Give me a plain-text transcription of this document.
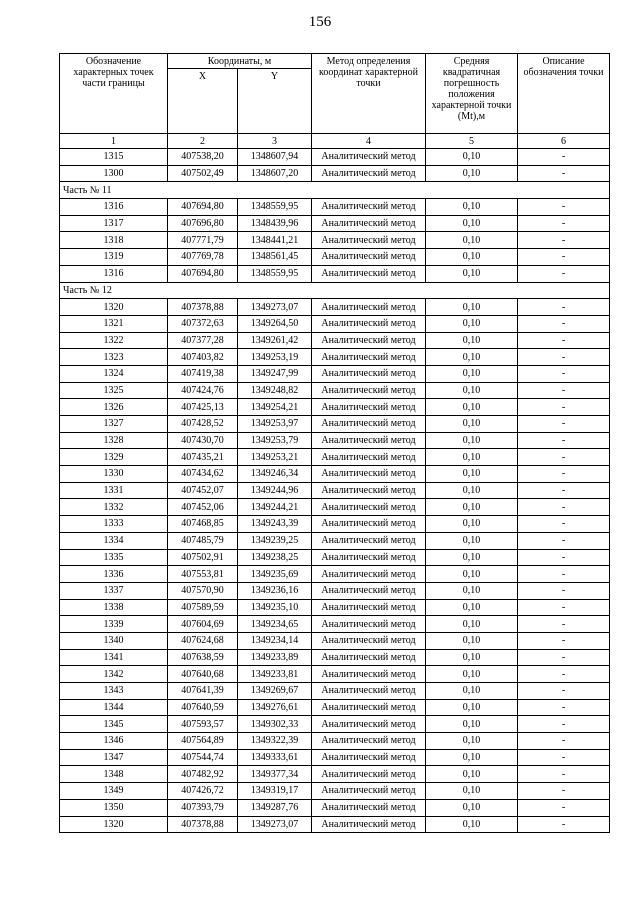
156
Обозначение характерных точек части границы	Координаты, м		Метод определения координат характерной точки	Средняя квадратичная погрешность положения характерной точки (Mt),м	Описание обозначения точки
	X	Y			
1	2	3	4	5	6
1315	407538,20	1348607,94	Аналитический метод	0,10	-
1300	407502,49	1348607,20	Аналитический метод	0,10	-
Часть № 11					
1316	407694,80	1348559,95	Аналитический метод	0,10	-
1317	407696,80	1348439,96	Аналитический метод	0,10	-
1318	407771,79	1348441,21	Аналитический метод	0,10	-
1319	407769,78	1348561,45	Аналитический метод	0,10	-
1316	407694,80	1348559,95	Аналитический метод	0,10	-
Часть № 12					
1320	407378,88	1349273,07	Аналитический метод	0,10	-
1321	407372,63	1349264,50	Аналитический метод	0,10	-
1322	407377,28	1349261,42	Аналитический метод	0,10	-
1323	407403,82	1349253,19	Аналитический метод	0,10	-
1324	407419,38	1349247,99	Аналитический метод	0,10	-
1325	407424,76	1349248,82	Аналитический метод	0,10	-
1326	407425,13	1349254,21	Аналитический метод	0,10	-
1327	407428,52	1349253,97	Аналитический метод	0,10	-
1328	407430,70	1349253,79	Аналитический метод	0,10	-
1329	407435,21	1349253,21	Аналитический метод	0,10	-
1330	407434,62	1349246,34	Аналитический метод	0,10	-
1331	407452,07	1349244,96	Аналитический метод	0,10	-
1332	407452,06	1349244,21	Аналитический метод	0,10	-
1333	407468,85	1349243,39	Аналитический метод	0,10	-
1334	407485,79	1349239,25	Аналитический метод	0,10	-
1335	407502,91	1349238,25	Аналитический метод	0,10	-
1336	407553,81	1349235,69	Аналитический метод	0,10	-
1337	407570,90	1349236,16	Аналитический метод	0,10	-
1338	407589,59	1349235,10	Аналитический метод	0,10	-
1339	407604,69	1349234,65	Аналитический метод	0,10	-
1340	407624,68	1349234,14	Аналитический метод	0,10	-
1341	407638,59	1349233,89	Аналитический метод	0,10	-
1342	407640,68	1349233,81	Аналитический метод	0,10	-
1343	407641,39	1349269,67	Аналитический метод	0,10	-
1344	407640,59	1349276,61	Аналитический метод	0,10	-
1345	407593,57	1349302,33	Аналитический метод	0,10	-
1346	407564,89	1349322,39	Аналитический метод	0,10	-
1347	407544,74	1349333,61	Аналитический метод	0,10	-
1348	407482,92	1349377,34	Аналитический метод	0,10	-
1349	407426,72	1349319,17	Аналитический метод	0,10	-
1350	407393,79	1349287,76	Аналитический метод	0,10	-
1320	407378,88	1349273,07	Аналитический метод	0,10	-
